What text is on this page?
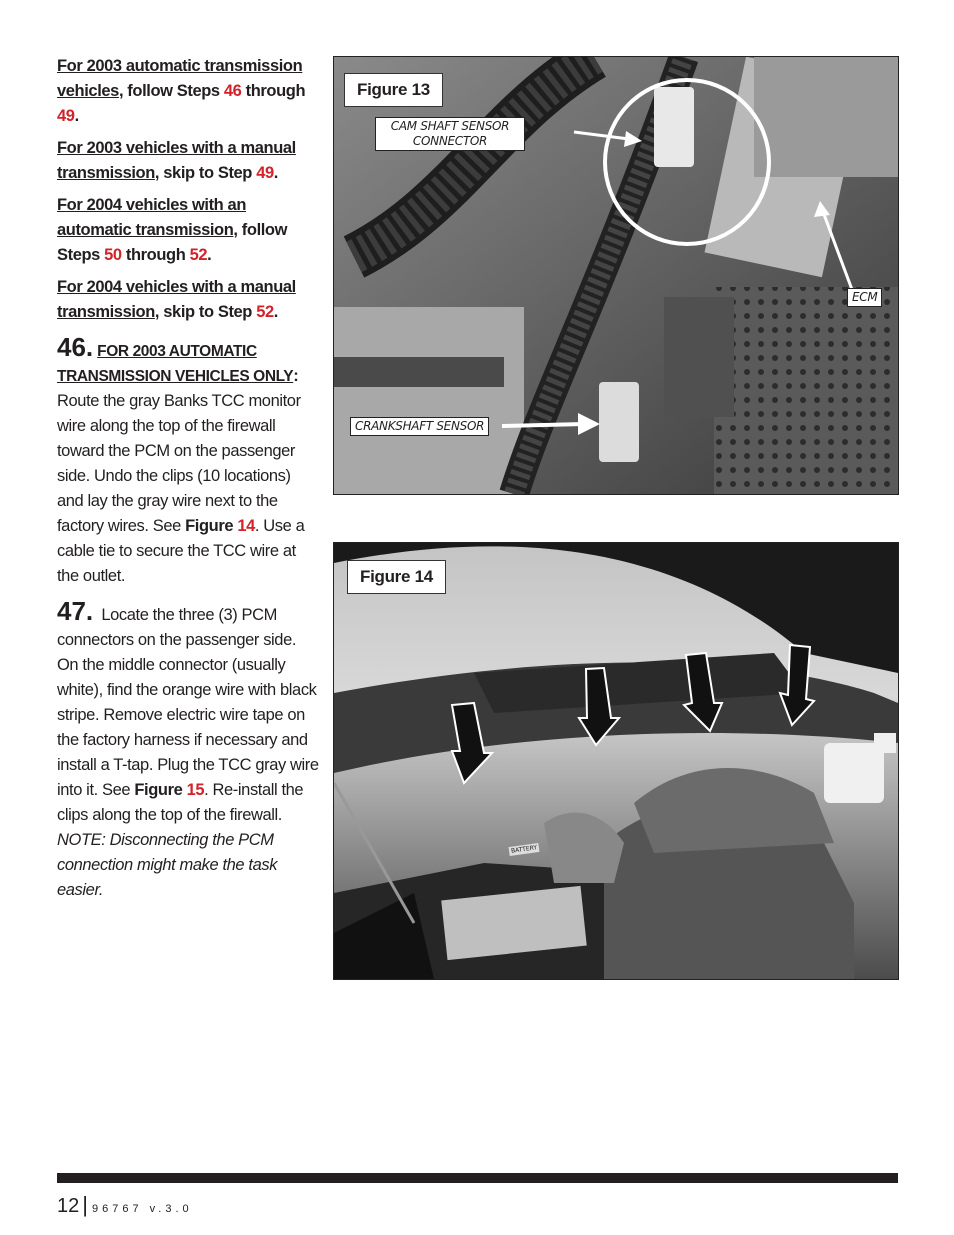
For 2003 automatic transmission
vehicles, follow Steps 46 through 49.

For 2003 vehicles with a manual
transmission, skip to Step 49.

For 2004 vehicles with an
automatic transmission, follow Steps 50 through 52.

For 2004 vehicles with a manual
transmission, skip to Step 52.

46. FOR 2003 AUTOMATIC TRANSMISSION VEHICLES ONLY: Route the gray Banks TCC monitor wire along the top of the firewall toward the PCM on the passenger side. Undo the clips (10 locations) and lay the gray wire next to the factory wires. See Figure 14. Use a cable tie to secure the TCC wire at the outlet.

47. Locate the three (3) PCM connectors on the passenger side. On the middle connector (usually white), find the orange wire with black stripe. Remove electric wire tape on the factory harness if necessary and install a T-tap. Plug the TCC gray wire into it. See Figure 15. Re-install the clips along the top of the firewall. NOTE: Disconnecting the PCM connection might make the task easier.

Figure 13
CAM SHAFT SENSOR CONNECTOR
ECM
CRANKSHAFT SENSOR
BATTERY
Figure 14
12 | 96767 v.3.0
